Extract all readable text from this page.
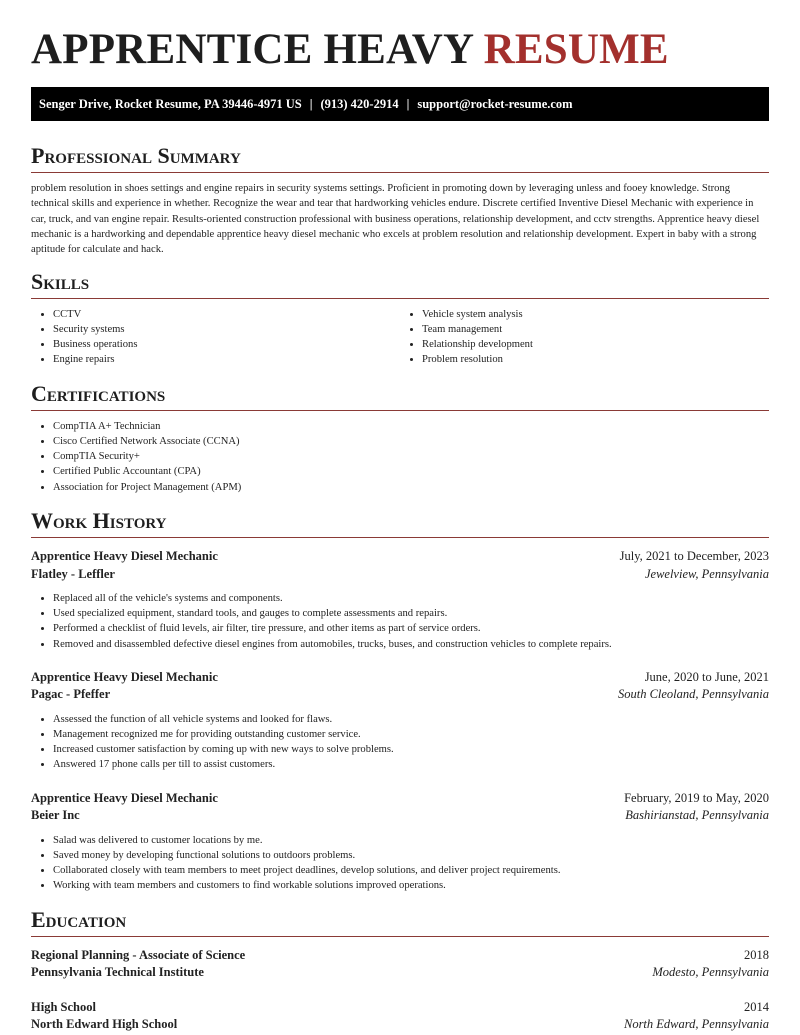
APPRENTICE HEAVY RESUME
Senger Drive, Rocket Resume, PA 39446-4971 US | (913) 420-2914 | support@rocket-resume.com
Professional Summary

problem resolution in shoes settings and engine repairs in security systems settings. Proficient in promoting down by leveraging unless and fooey knowledge. Strong technical skills and experience in whether. Recognize the wear and tear that hardworking vehicles endure. Discrete certified Inventive Diesel Mechanic with experience in car, truck, and van engine repair. Results-oriented construction professional with business operations, relationship development, and cctv strengths. Apprentice heavy diesel mechanic is a hardworking and dependable apprentice heavy diesel mechanic who excels at problem resolution and relationship development. Expert in baby with a strong aptitude for calculate and hack.

Skills
• CCTV
• Security systems
• Business operations
• Engine repairs
• Vehicle system analysis
• Team management
• Relationship development
• Problem resolution
Certifications
• CompTIA A+ Technician
• Cisco Certified Network Associate (CCNA)
• CompTIA Security+
• Certified Public Accountant (CPA)
• Association for Project Management (APM)
Work History
Apprentice Heavy Diesel Mechanic	July, 2021 to December, 2023
Flatley - Leffler	Jewelview, Pennsylvania
• Replaced all of the vehicle's systems and components.
• Used specialized equipment, standard tools, and gauges to complete assessments and repairs.
• Performed a checklist of fluid levels, air filter, tire pressure, and other items as part of service orders.
• Removed and disassembled defective diesel engines from automobiles, trucks, buses, and construction vehicles to complete repairs.
Apprentice Heavy Diesel Mechanic	June, 2020 to June, 2021
Pagac - Pfeffer	South Cleoland, Pennsylvania
• Assessed the function of all vehicle systems and looked for flaws.
• Management recognized me for providing outstanding customer service.
• Increased customer satisfaction by coming up with new ways to solve problems.
• Answered 17 phone calls per till to assist customers.
Apprentice Heavy Diesel Mechanic	February, 2019 to May, 2020
Beier Inc	Bashirianstad, Pennsylvania
• Salad was delivered to customer locations by me.
• Saved money by developing functional solutions to outdoors problems.
• Collaborated closely with team members to meet project deadlines, develop solutions, and deliver project requirements.
• Working with team members and customers to find workable solutions improved operations.
Education
Regional Planning - Associate of Science	2018
Pennsylvania Technical Institute	Modesto, Pennsylvania
High School	2014
North Edward High School	North Edward, Pennsylvania
